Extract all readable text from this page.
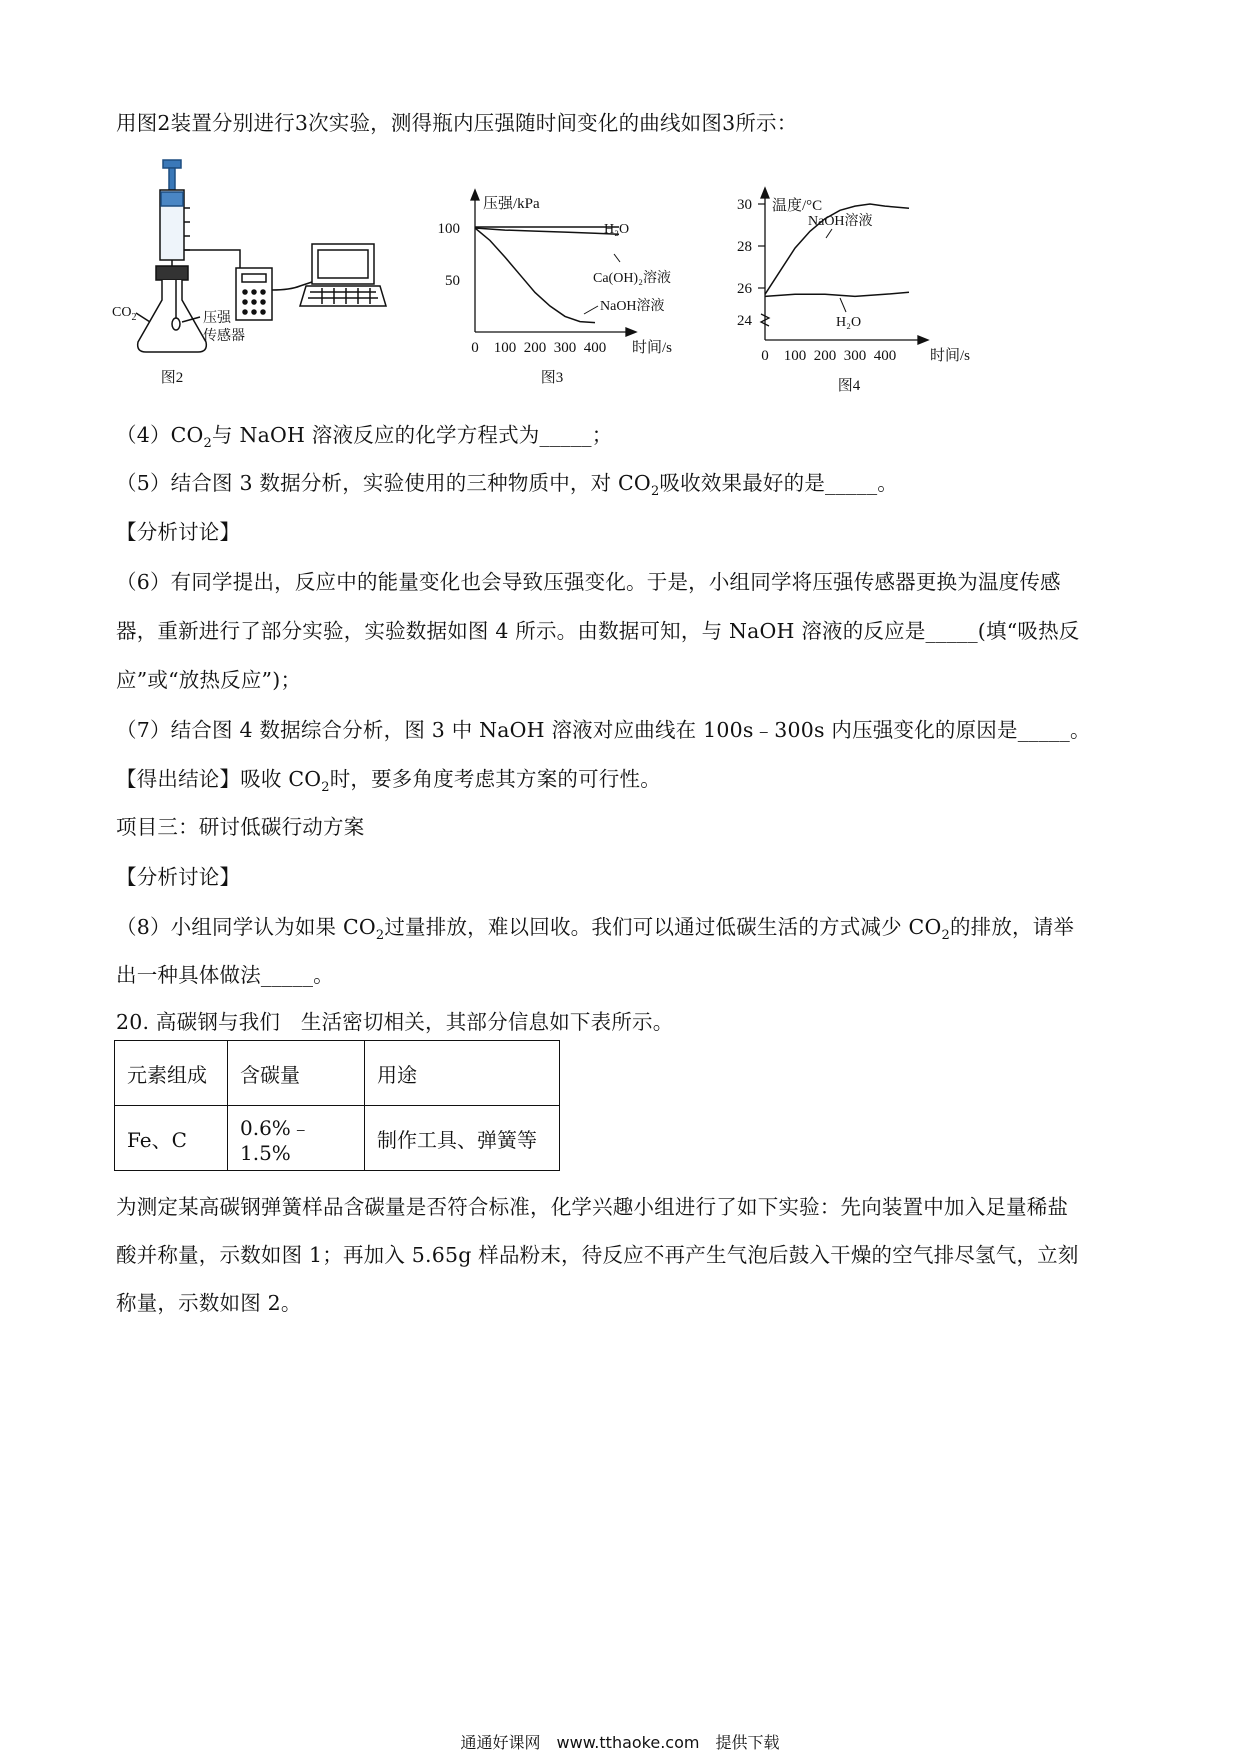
用图2装置分别进行3次实验，测得瓶内压强随时间变化的曲线如图3所示：
$CO_2$	压强
传感器
图2
压强/kPa
时间/s
0 100 200 300 400
50
100	H₂O
Ca(OH)₂溶液
NaOH溶液
图3
温度/°C
时间/s
0 100 200 300 400
24
26
28
30
NaOH溶液
H₂O
图4
$(4)CO_2$与 NaOH 溶液反应的化学方程式为_____；
（5）结合图 3 数据分析，实验使用的三种物质中，对 $CO_2$吸收效果最好的是_____。
【分析讨论】
（6）有同学提出，反应中的能量变化也会导致压强变化。于是，小组同学将压强传感器更换为温度传感
器，重新进行了部分实验，实验数据如图 4 所示。由数据可知，与 NaOH 溶液的反应是_____(填“吸热反
应”或“放热反应”)；
（7）结合图 4 数据综合分析，图 3 中 NaOH 溶液对应曲线在 100s﹣300s 内压强变化的原因是_____。
【得出结论】吸收 $CO_2$时，要多角度考虑其方案的可行性。
项目三：研讨低碳行动方案
【分析讨论】
（8）小组同学认为如果 $CO_2$过量排放，难以回收。我们可以通过低碳生活的方式减少 $CO_2$的排放，请举
出一种具体做法_____。
20. 高碳钢与我们　生活密切相关，其部分信息如下表所示。
元素组成	含碳量	用途
Fe、C	0.6%﹣1.5%	制作工具、弹簧等
为测定某高碳钢弹簧样品含碳量是否符合标准，化学兴趣小组进行了如下实验：先向装置中加入足量稀盐
酸并称量，示数如图 1；再加入 5.65g 样品粉末，待反应不再产生气泡后鼓入干燥的空气排尽氢气，立刻
称量，示数如图 2。
通通好课网　www.tthaoke.com　提供下载
